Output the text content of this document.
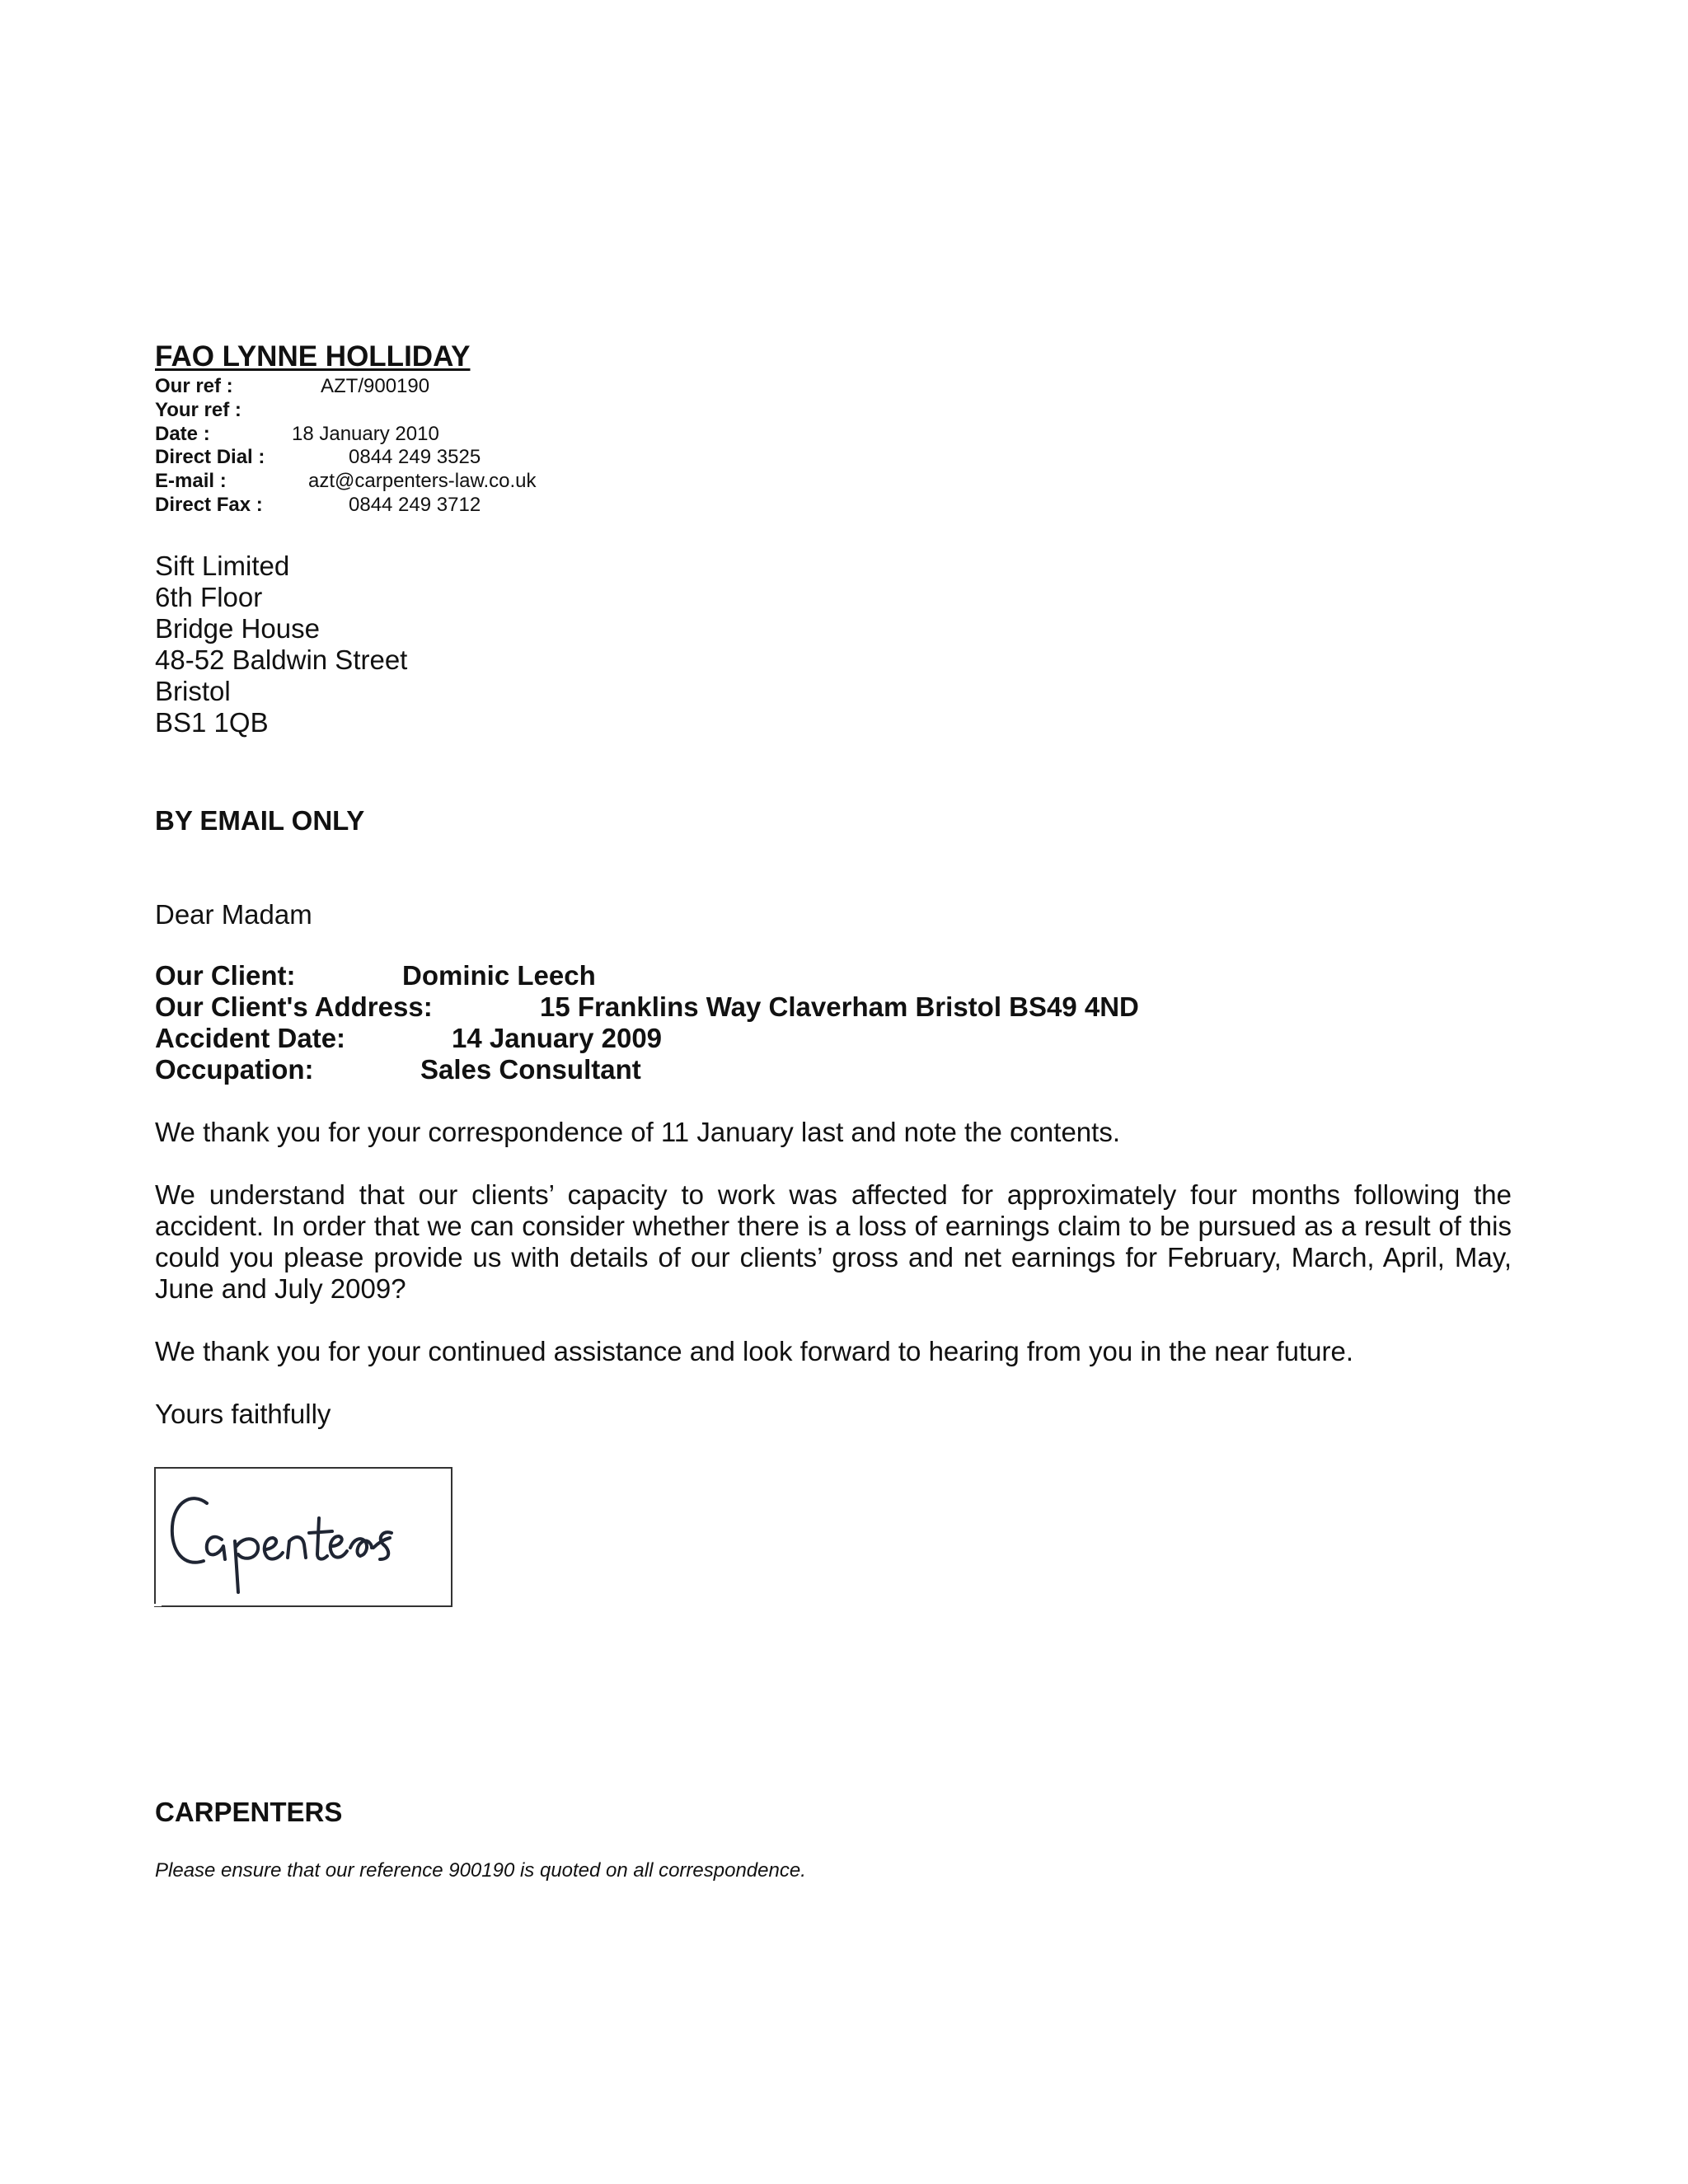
FAO LYNNE HOLLIDAY
Our ref :	AZT/900190
Your ref :
Date :	18 January 2010
Direct Dial :	0844 249 3525
E-mail :	azt@carpenters-law.co.uk
Direct Fax :	0844 249 3712
Sift Limited
6th Floor
Bridge House
48-52 Baldwin Street
Bristol
BS1 1QB
BY EMAIL ONLY
Dear Madam
Our Client:	Dominic Leech
Our Client's Address:	15 Franklins Way Claverham Bristol BS49 4ND
Accident Date:	14 January 2009
Occupation:	Sales Consultant
We thank you for your correspondence of 11 January last and note the contents.
We understand that our clients’ capacity to work was affected for approximately four months following the accident. In order that we can consider whether there is a loss of earnings claim to be pursued as a result of this could you please provide us with details of our clients’ gross and net earnings for February, March, April, May, June and July 2009?
We thank you for your continued assistance and look forward to hearing from you in the near future.
Yours faithfully
CARPENTERS
Please ensure that our reference 900190 is quoted on all correspondence.
